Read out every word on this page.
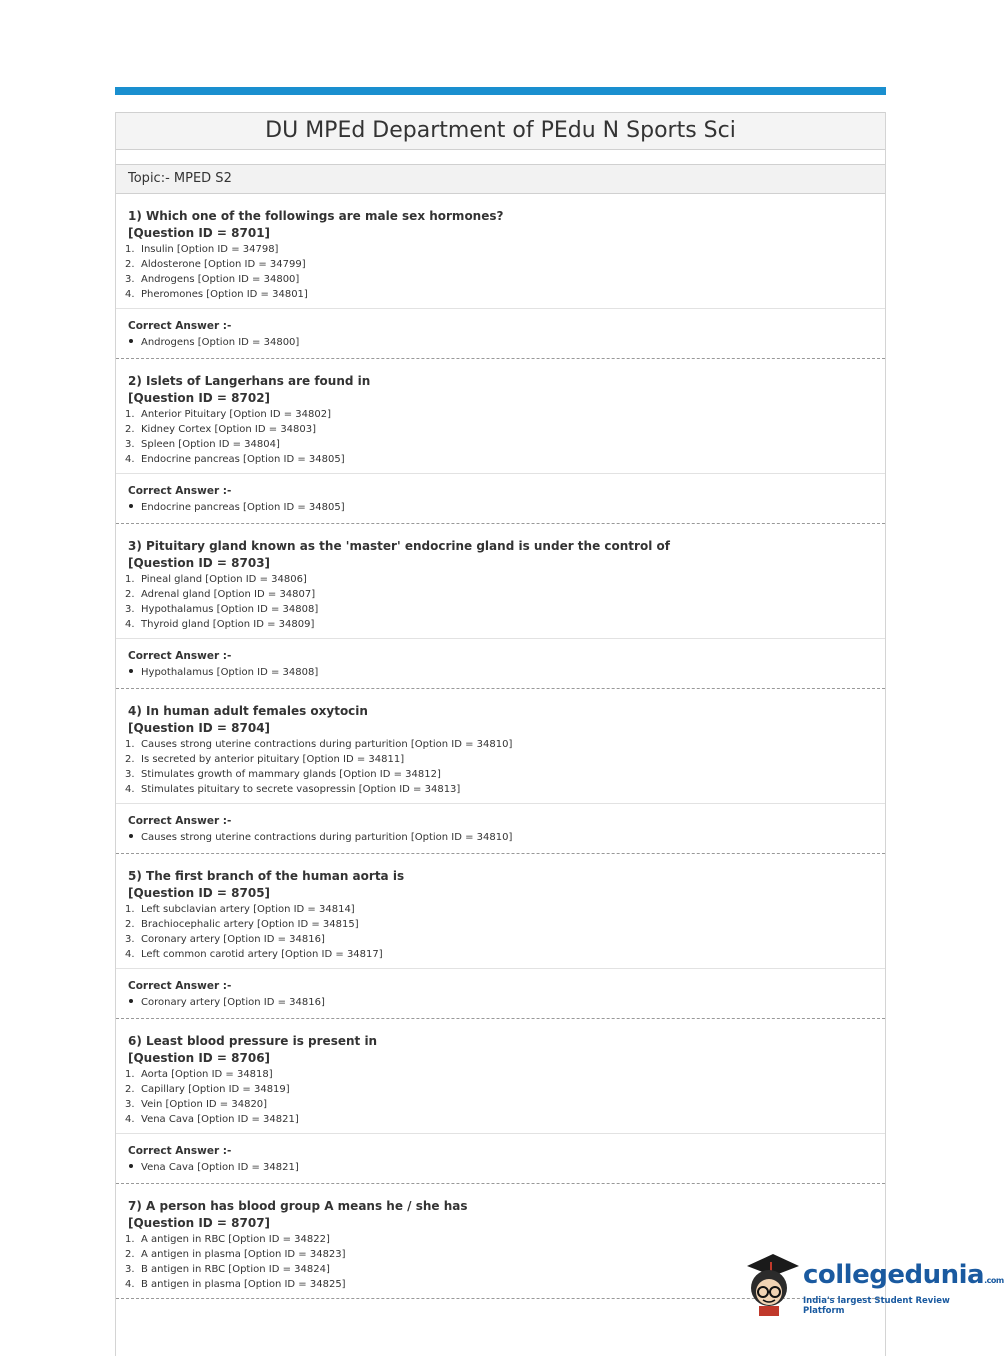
DU MPEd Department of PEdu N Sports Sci
Topic:- MPED S2
1) Which one of the followings are male sex hormones?
[Question ID = 8701]
1. Insulin [Option ID = 34798]
2. Aldosterone [Option ID = 34799]
3. Androgens [Option ID = 34800]
4. Pheromones [Option ID = 34801]
Correct Answer :-
Androgens [Option ID = 34800]
2) Islets of Langerhans are found in
[Question ID = 8702]
1. Anterior Pituitary [Option ID = 34802]
2. Kidney Cortex [Option ID = 34803]
3. Spleen [Option ID = 34804]
4. Endocrine pancreas [Option ID = 34805]
Correct Answer :-
Endocrine pancreas [Option ID = 34805]
3) Pituitary gland known as the 'master' endocrine gland is under the control of
[Question ID = 8703]
1. Pineal gland [Option ID = 34806]
2. Adrenal gland [Option ID = 34807]
3. Hypothalamus [Option ID = 34808]
4. Thyroid gland [Option ID = 34809]
Correct Answer :-
Hypothalamus [Option ID = 34808]
4) In human adult females oxytocin
[Question ID = 8704]
1. Causes strong uterine contractions during parturition [Option ID = 34810]
2. Is secreted by anterior pituitary [Option ID = 34811]
3. Stimulates growth of mammary glands [Option ID = 34812]
4. Stimulates pituitary to secrete vasopressin [Option ID = 34813]
Correct Answer :-
Causes strong uterine contractions during parturition [Option ID = 34810]
5) The first branch of the human aorta is
[Question ID = 8705]
1. Left subclavian artery [Option ID = 34814]
2. Brachiocephalic artery [Option ID = 34815]
3. Coronary artery [Option ID = 34816]
4. Left common carotid artery [Option ID = 34817]
Correct Answer :-
Coronary artery [Option ID = 34816]
6) Least blood pressure is present in
[Question ID = 8706]
1. Aorta [Option ID = 34818]
2. Capillary [Option ID = 34819]
3. Vein [Option ID = 34820]
4. Vena Cava [Option ID = 34821]
Correct Answer :-
Vena Cava [Option ID = 34821]
7) A person has blood group A means he / she has
[Question ID = 8707]
1. A antigen in RBC [Option ID = 34822]
2. A antigen in plasma [Option ID = 34823]
3. B antigen in RBC [Option ID = 34824]
4. B antigen in plasma [Option ID = 34825]	collegedunia.com
India's largest Student Review Platform
